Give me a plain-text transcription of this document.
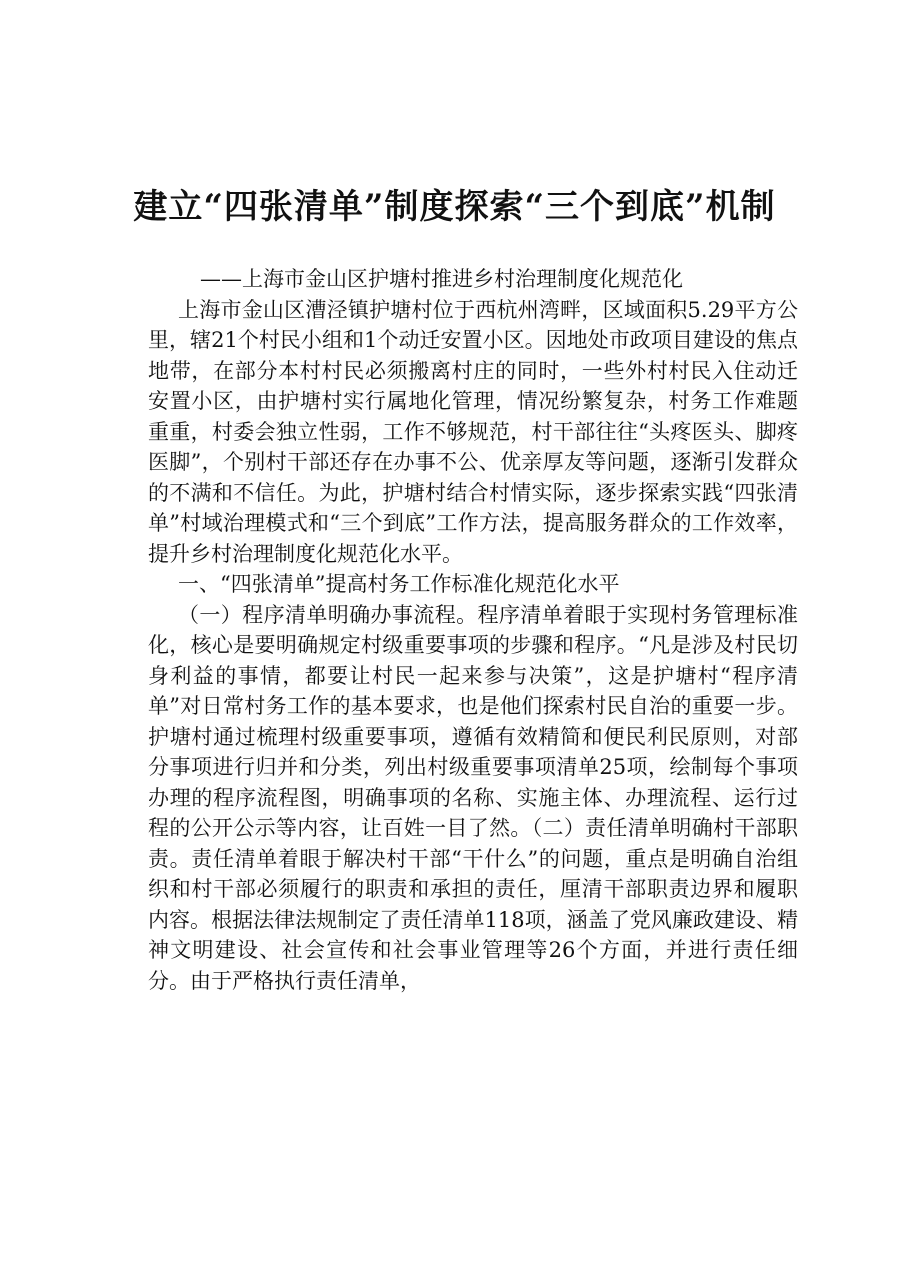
建立“四张清单”制度探索“三个到底”机制

——上海市金山区护塘村推进乡村治理制度化规范化

上海市金山区漕泾镇护塘村位于西杭州湾畔，区域面积5.29平方公里，辖21个村民小组和1个动迁安置小区。因地处市政项目建设的焦点地带，在部分本村村民必须搬离村庄的同时，一些外村村民入住动迁安置小区，由护塘村实行属地化管理，情况纷繁复杂，村务工作难题重重，村委会独立性弱，工作不够规范，村干部往往“头疼医头、脚疼医脚”，个别村干部还存在办事不公、优亲厚友等问题，逐渐引发群众的不满和不信任。为此，护塘村结合村情实际，逐步探索实践“四张清单”村域治理模式和“三个到底”工作方法，提高服务群众的工作效率，提升乡村治理制度化规范化水平。

一、“四张清单”提高村务工作标准化规范化水平

（一）程序清单明确办事流程。程序清单着眼于实现村务管理标准化，核心是要明确规定村级重要事项的步骤和程序。“凡是涉及村民切身利益的事情，都要让村民一起来参与决策”，这是护塘村“程序清单”对日常村务工作的基本要求，也是他们探索村民自治的重要一步。护塘村通过梳理村级重要事项，遵循有效精简和便民利民原则，对部分事项进行归并和分类，列出村级重要事项清单25项，绘制每个事项办理的程序流程图，明确事项的名称、实施主体、办理流程、运行过程的公开公示等内容，让百姓一目了然。（二）责任清单明确村干部职责。责任清单着眼于解决村干部“干什么”的问题，重点是明确自治组织和村干部必须履行的职责和承担的责任，厘清干部职责边界和履职内容。根据法律法规制定了责任清单118项，涵盖了党风廉政建设、精神文明建设、社会宣传和社会事业管理等26个方面，并进行责任细分。由于严格执行责任清单，
